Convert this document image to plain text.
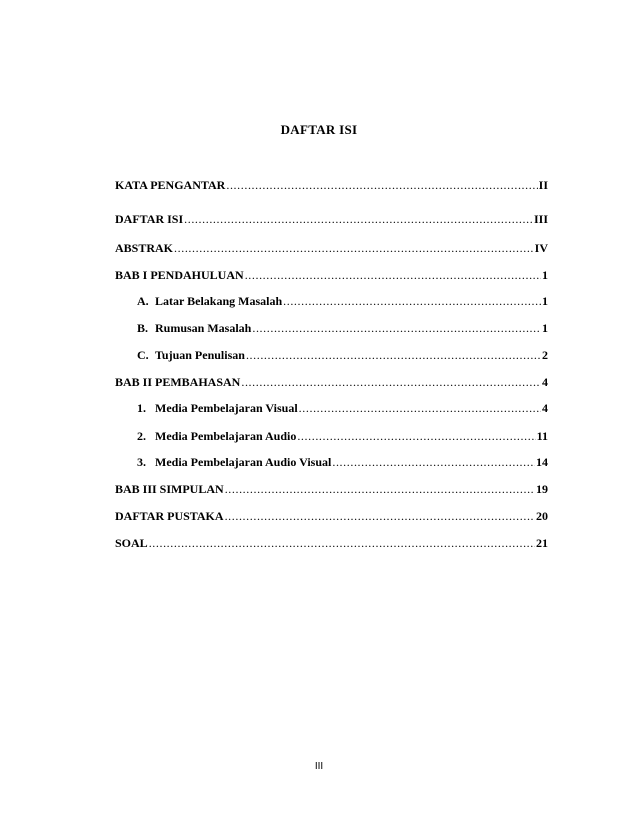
DAFTAR ISI
KATA PENGANTAR .....	II
DAFTAR ISI .....	III
ABSTRAK .....	IV
BAB I PENDAHULUAN .....	1
A. Latar Belakang Masalah .....	1
B. Rumusan Masalah .....	1
C. Tujuan Penulisan .....	2
BAB II PEMBAHASAN .....	4
1. Media Pembelajaran Visual .....	4
2. Media Pembelajaran Audio .....	11
3. Media Pembelajaran Audio Visual .....	14
BAB III SIMPULAN .....	19
DAFTAR PUSTAKA .....	20
SOAL .....	21
III
